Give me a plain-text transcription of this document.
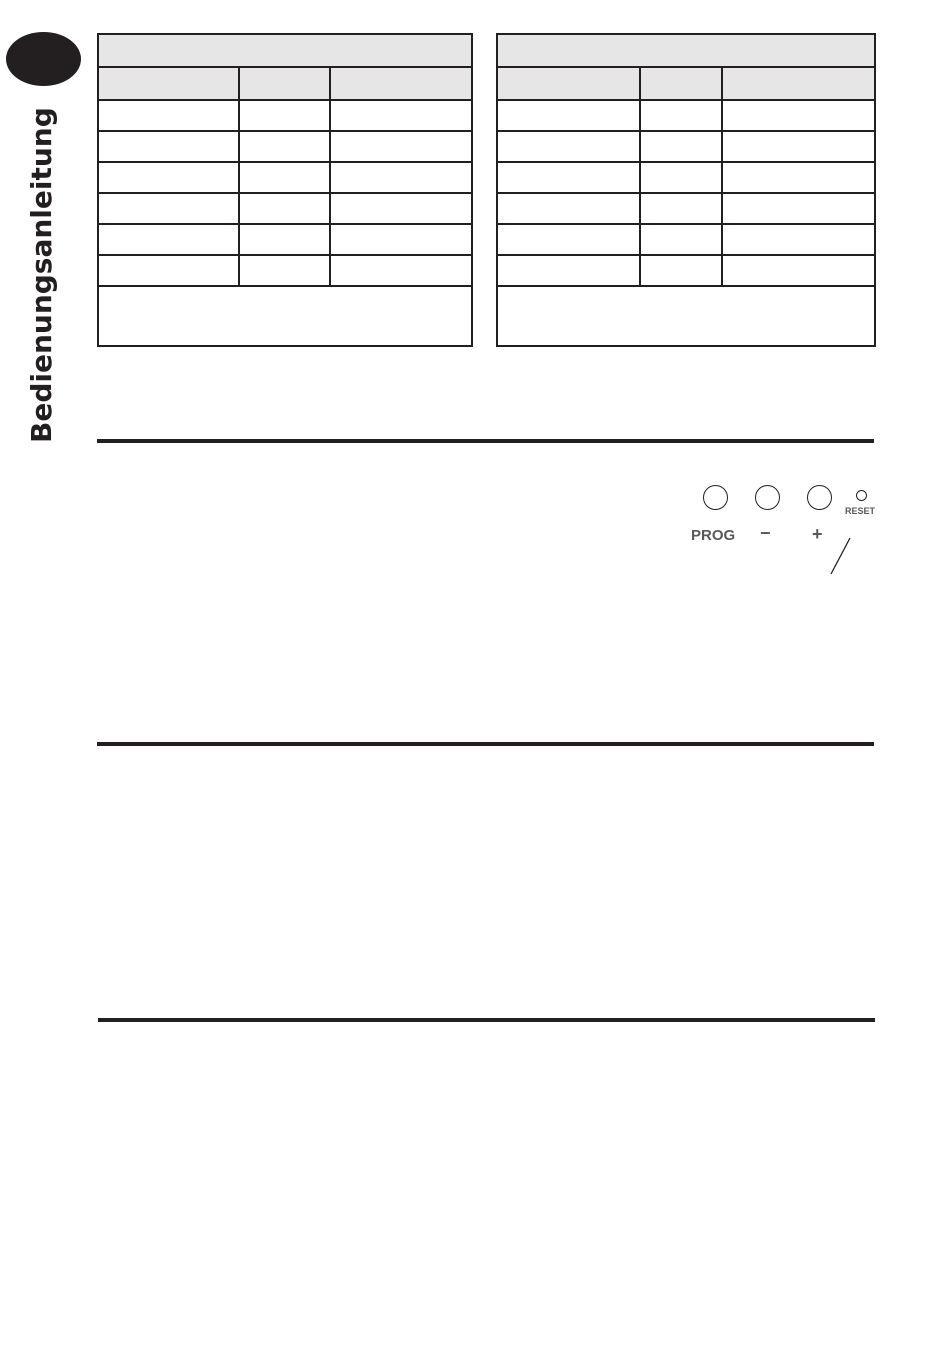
Bedienungsanleitung

PROG − +
RESET
